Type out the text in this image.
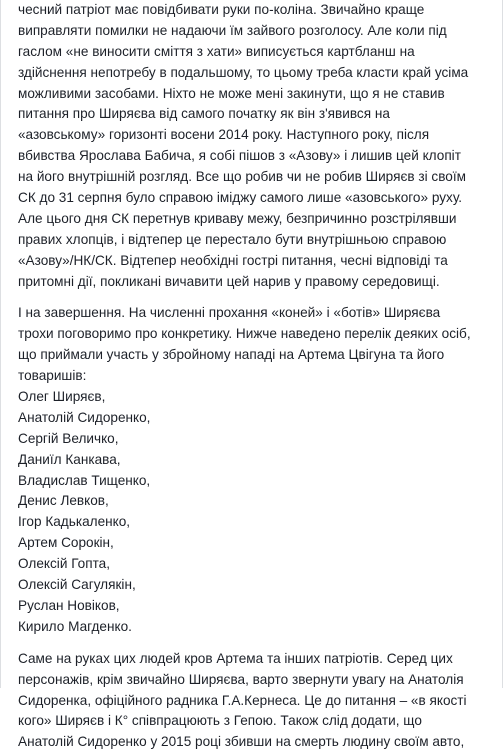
чесний патріот має повідбивати руки по-коліна. Звичайно краще
виправляти помилки не надаючи їм зайвого розголосу. Але коли під
гаслом «не виносити сміття з хати» виписується картбланш на
здійснення непотребу в подальшому, то цьому треба класти край усіма
можливими засобами. Ніхто не може мені закинути, що я не ставив
питання про Ширяєва від самого початку як він з'явився на
«азовському» горизонті восени 2014 року. Наступного року, після
вбивства Ярослава Бабича, я собі пішов з «Азову» і лишив цей клопіт
на його внутрішній розгляд. Все що робив чи не робив Ширяєв зі своїм
СК до 31 серпня було справою іміджу самого лише «азовського» руху.
Але цього дня СК перетнув криваву межу, безпричинно розстрілявши
правих хлопців, і відтепер це перестало бути внутрішньою справою
«Азову»/НК/СК. Відтепер необхідні гострі питання, чесні відповіді та
притомні дії, покликані вичавити цей нарив у правому середовищі.
І на завершення. На численні прохання «коней» і «ботів» Ширяєва
трохи поговоримо про конкретику. Нижче наведено перелік деяких осіб,
що приймали участь у збройному нападі на Артема Цвігуна та його
товаришів:
Олег Ширяєв,
Анатолій Сидоренко,
Сергій Величко,
Даниїл Канкава,
Владислав Тищенко,
Денис Левков,
Ігор Кадькаленко,
Артем Сорокін,
Олексій Гопта,
Олексій Сагулякін,
Руслан Новіков,
Кирило Магденко.
Саме на руках цих людей кров Артема та інших патріотів. Серед цих
персонажів, крім звичайно Ширяєва, варто звернути увагу на Анатолія
Сидоренка, офіційного радника Г.А.Кернеса. Це до питання – «в якості
кого» Ширяєв і К° співпрацюють з Гепою. Також слід додати, що
Анатолій Сидоренко у 2015 році збивши на смерть людину своїм авто,
